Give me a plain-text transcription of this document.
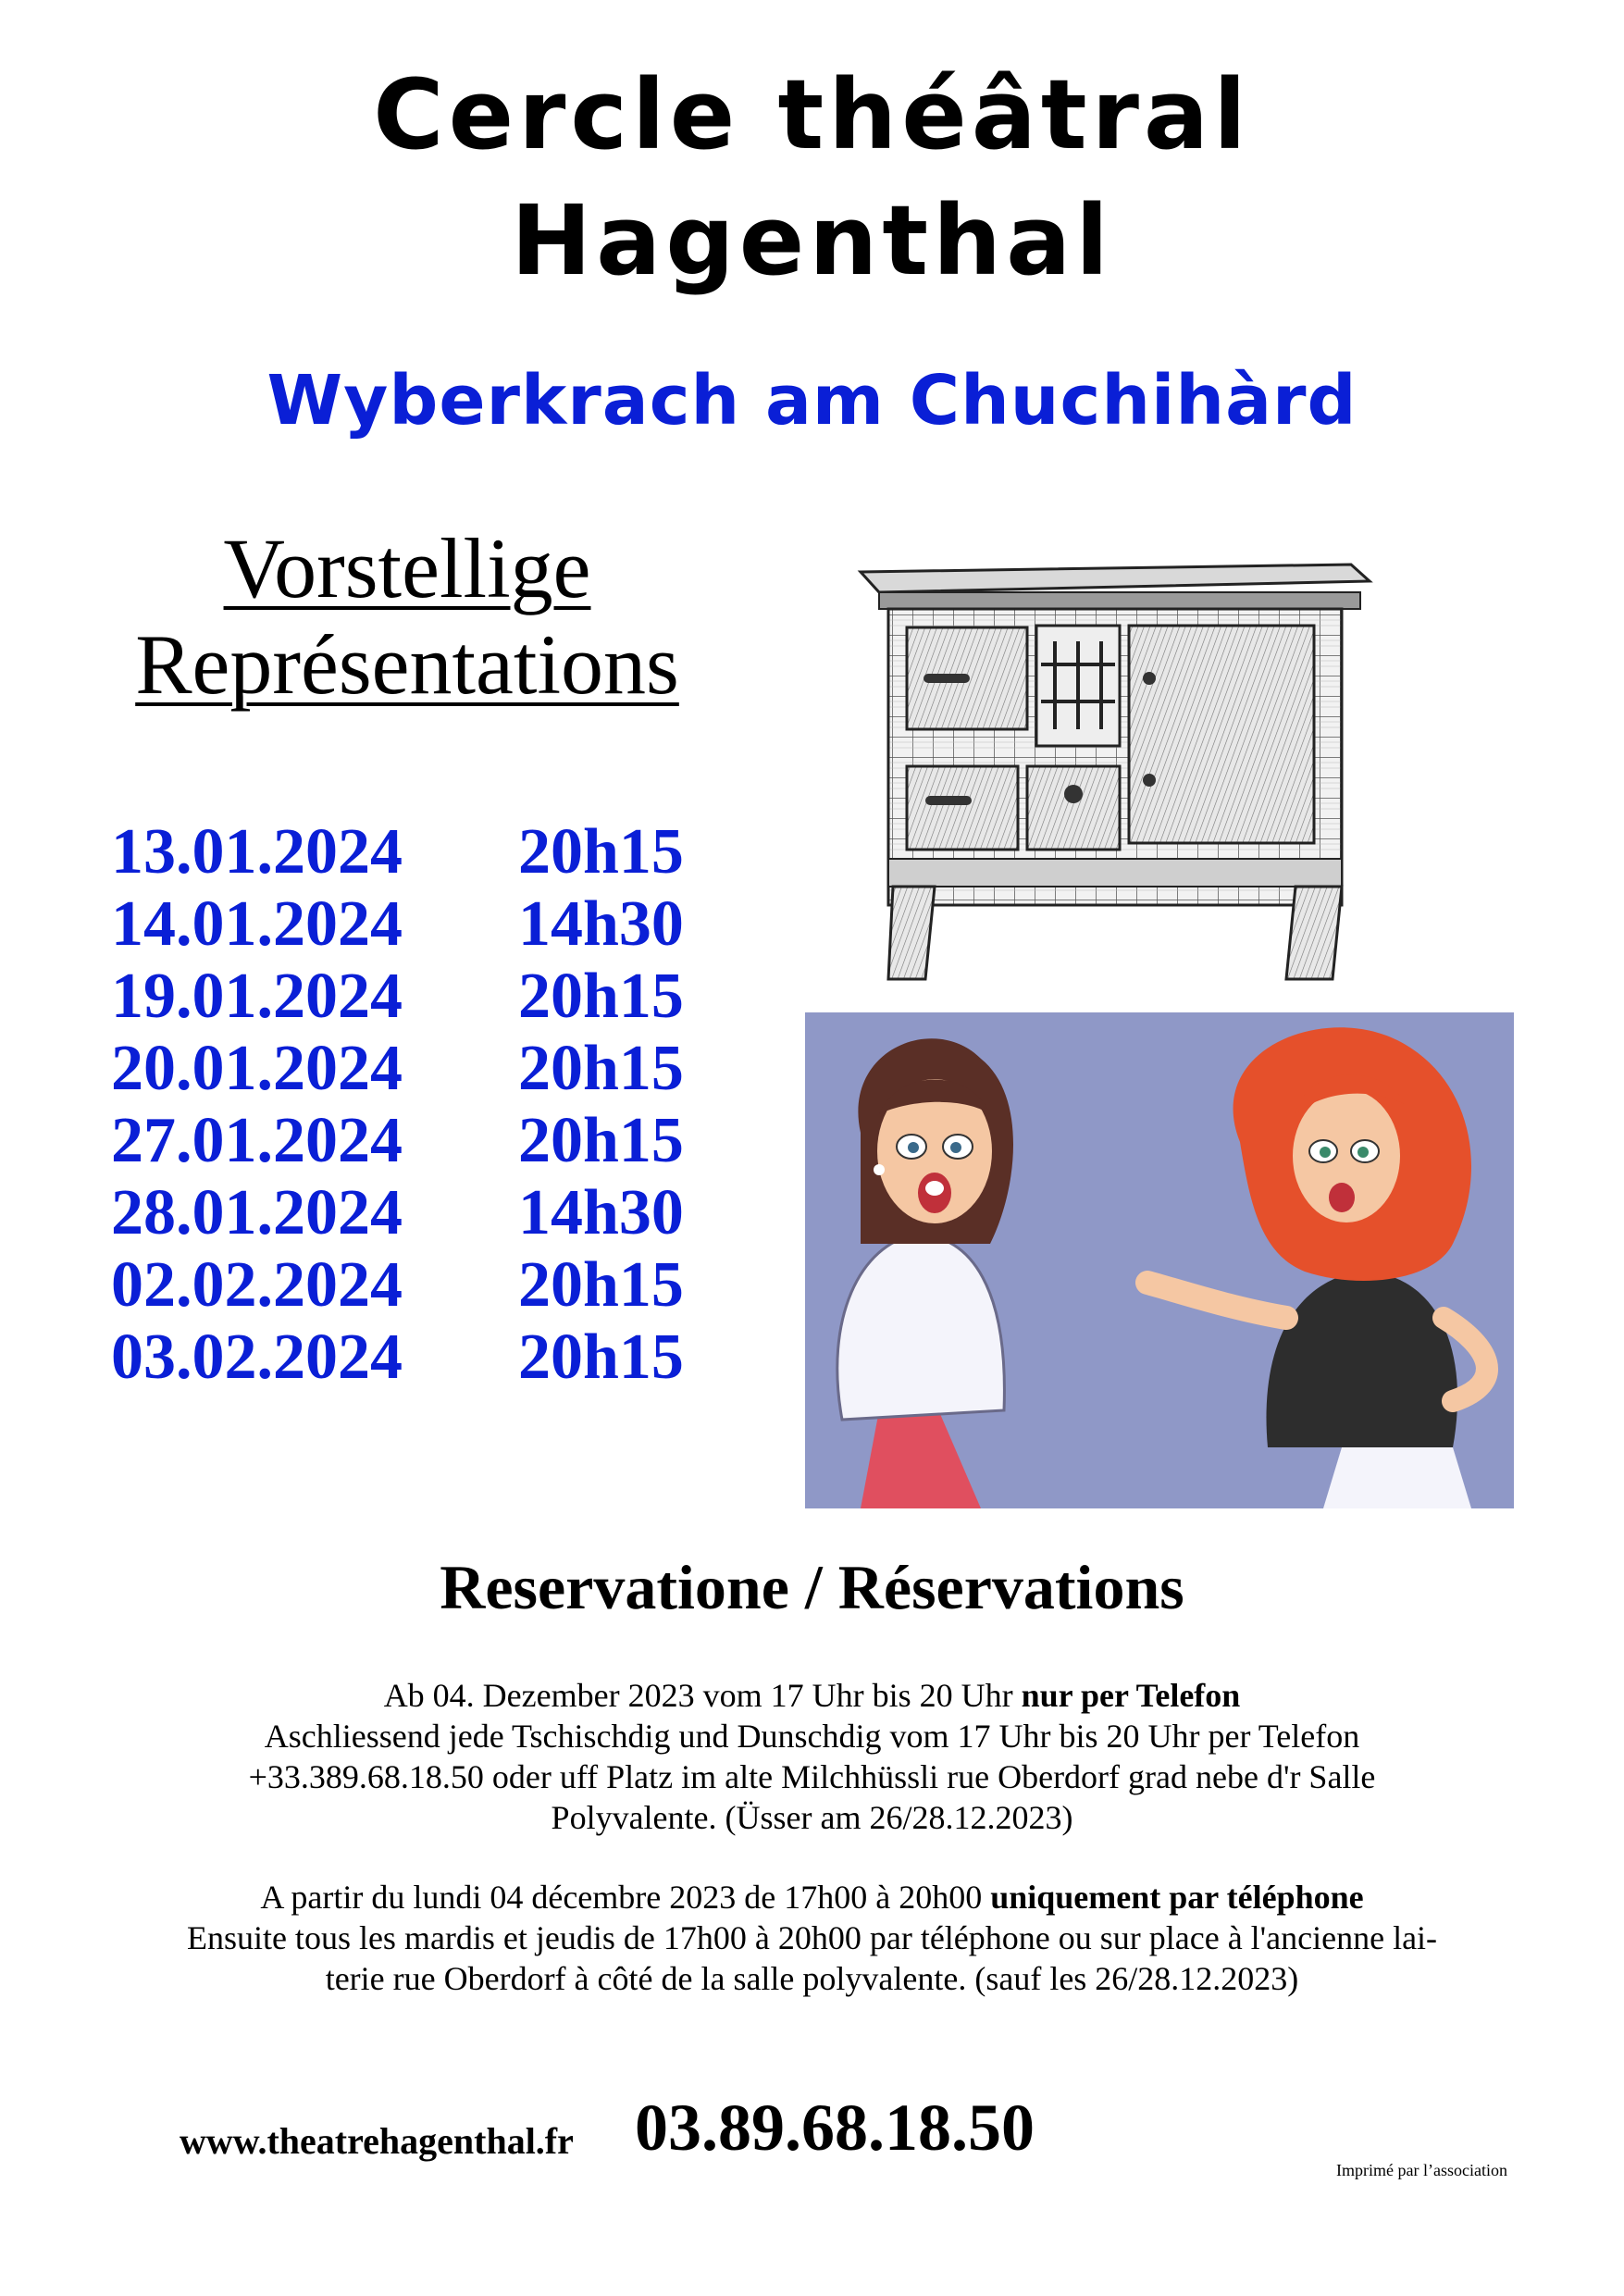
Cercle théâtral
Hagenthal
Wyberkrach am Chuchihàrd
Vorstellige
Représentations
13.01.2024	20h15
14.01.2024	14h30
19.01.2024	20h15
20.01.2024	20h15
27.01.2024	20h15
28.01.2024	14h30
02.02.2024	20h15
03.02.2024	20h15
Reservatione / Réservations
Ab 04. Dezember 2023 vom 17 Uhr bis 20 Uhr nur per Telefon
Aschliessend jede Tschischdig und Dunschdig vom 17 Uhr bis 20 Uhr per Telefon
+33.389.68.18.50 oder uff Platz im alte Milchhüssli rue Oberdorf grad nebe d'r Salle
Polyvalente. (Üsser am 26/28.12.2023)
A partir du lundi 04 décembre 2023 de 17h00 à 20h00 uniquement par téléphone
Ensuite tous les mardis et jeudis de 17h00 à 20h00 par téléphone ou sur place à l'ancienne lai-
terie rue Oberdorf à côté de la salle polyvalente. (sauf les 26/28.12.2023)
www.theatrehagenthal.fr 03.89.68.18.50
Imprimé par l’association
